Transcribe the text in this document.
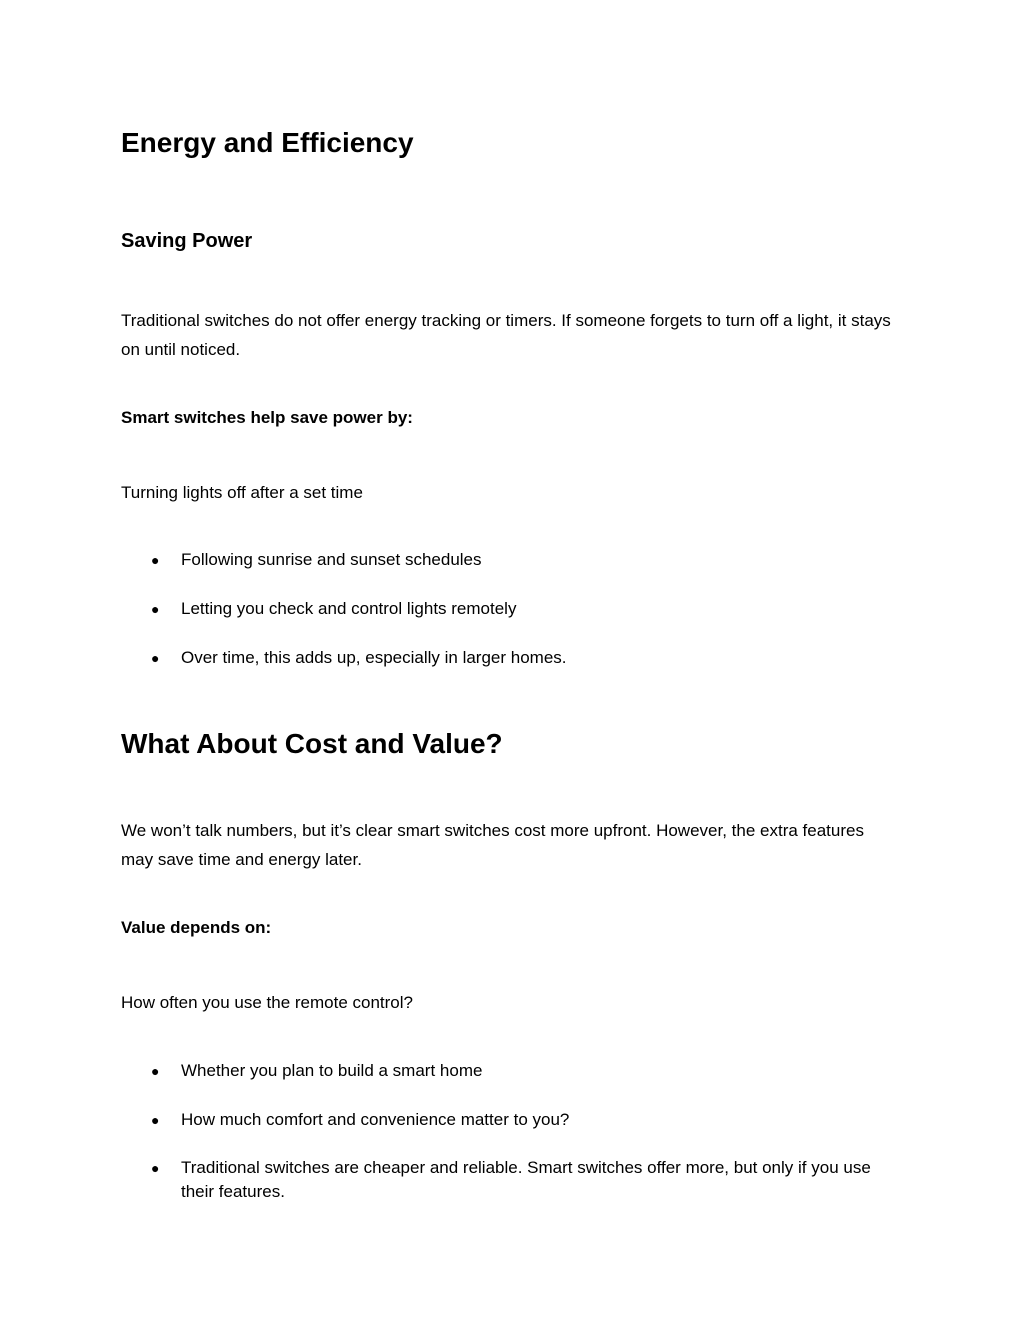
Energy and Efficiency
Saving Power

Traditional switches do not offer energy tracking or timers. If someone forgets to turn off a light, it stays on until noticed.

Smart switches help save power by:

Turning lights off after a set time

● Following sunrise and sunset schedules
● Letting you check and control lights remotely
● Over time, this adds up, especially in larger homes.
What About Cost and Value?

We won’t talk numbers, but it’s clear smart switches cost more upfront. However, the extra features may save time and energy later.

Value depends on:

How often you use the remote control?

● Whether you plan to build a smart home
● How much comfort and convenience matter to you?
● Traditional switches are cheaper and reliable. Smart switches offer more, but only if you use their features.
